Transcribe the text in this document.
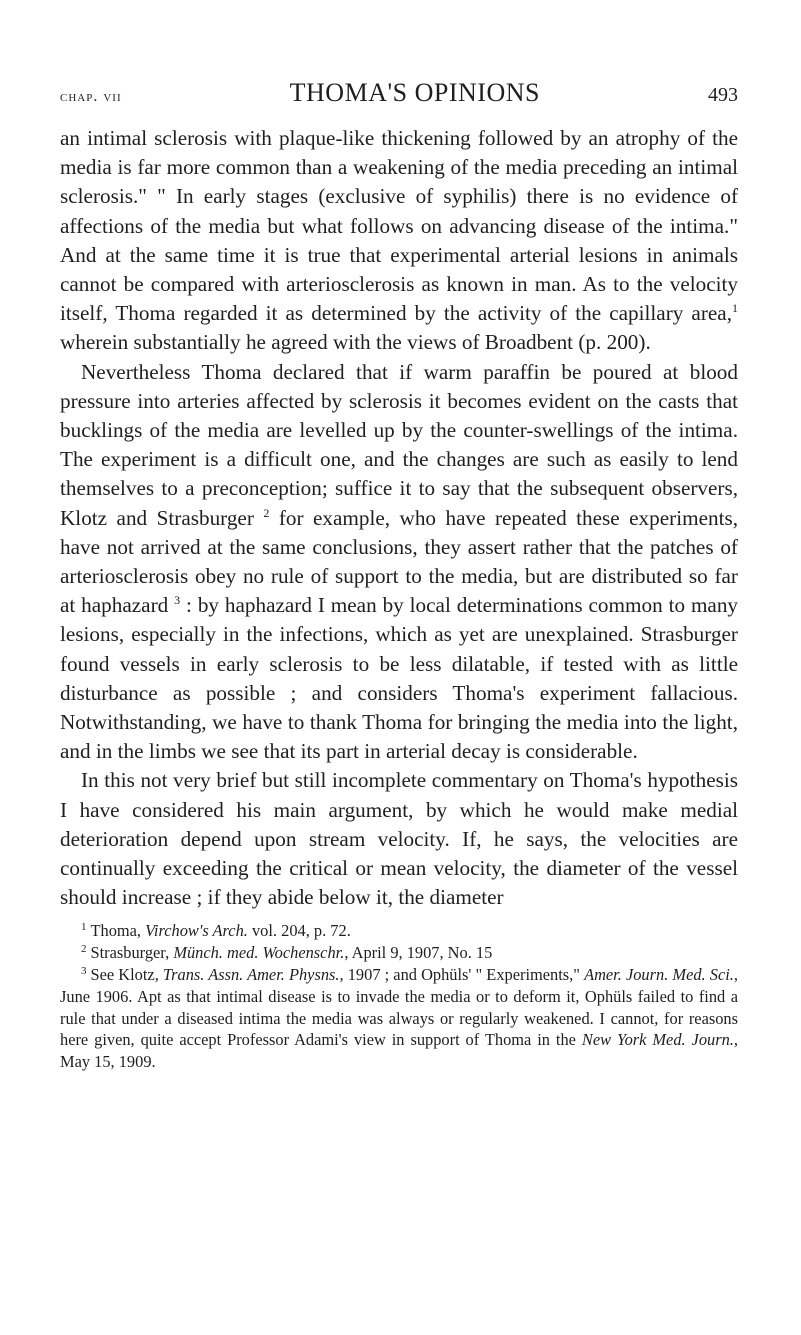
chap. vii	THOMA'S OPINIONS	493

an intimal sclerosis with plaque-like thickening followed by an atrophy of the media is far more common than a weakening of the media preceding an intimal sclerosis." " In early stages (exclusive of syphilis) there is no evidence of affections of the media but what follows on advancing disease of the intima." And at the same time it is true that experimental arterial lesions in animals cannot be compared with arteriosclerosis as known in man. As to the velocity itself, Thoma regarded it as determined by the activity of the capillary area,$^1$ wherein substantially he agreed with the views of Broadbent (p. 200).

Nevertheless Thoma declared that if warm paraffin be poured at blood pressure into arteries affected by sclerosis it becomes evident on the casts that bucklings of the media are levelled up by the counter-swellings of the intima. The experiment is a difficult one, and the changes are such as easily to lend themselves to a preconception; suffice it to say that the subsequent observers, Klotz and Strasburger $^2$ for example, who have repeated these experiments, have not arrived at the same conclusions, they assert rather that the patches of arteriosclerosis obey no rule of support to the media, but are distributed so far at haphazard $^3$ : by haphazard I mean by local determinations common to many lesions, especially in the infections, which as yet are unexplained. Strasburger found vessels in early sclerosis to be less dilatable, if tested with as little disturbance as possible ; and considers Thoma's experiment fallacious. Notwithstanding, we have to thank Thoma for bringing the media into the light, and in the limbs we see that its part in arterial decay is considerable.

In this not very brief but still incomplete commentary on Thoma's hypothesis I have considered his main argument, by which he would make medial deterioration depend upon stream velocity. If, he says, the velocities are continually exceeding the critical or mean velocity, the diameter of the vessel should increase ; if they abide below it, the diameter

$^1$ Thoma, Virchow's Arch. vol. 204, p. 72.

$^2$ Strasburger, Münch. med. Wochenschr., April 9, 1907, No. 15

$^3$ See Klotz, Trans. Assn. Amer. Physns., 1907 ; and Ophüls' " Experiments," Amer. Journ. Med. Sci., June 1906. Apt as that intimal disease is to invade the media or to deform it, Ophüls failed to find a rule that under a diseased intima the media was always or regularly weakened. I cannot, for reasons here given, quite accept Professor Adami's view in support of Thoma in the New York Med. Journ., May 15, 1909.
